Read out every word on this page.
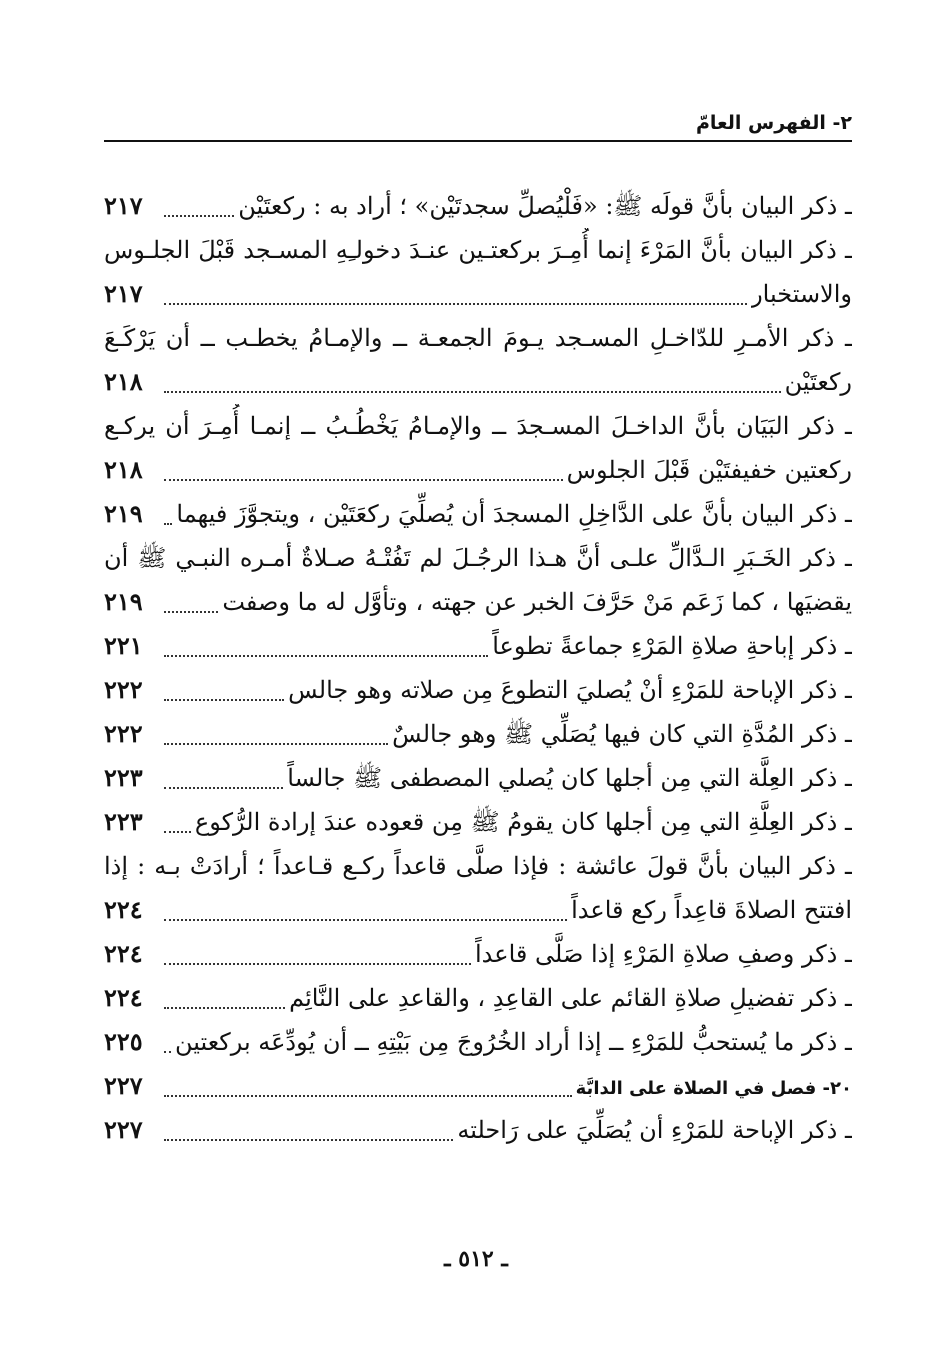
٢- الفهرس العامّ
ـ ذكر البيان بأنَّ قولَه ﷺ: «فَلْيُصلِّ سجدتَيْن» ؛ أراد به : ركعتَيْن
٢١٧
ـ ذكر البيان بأنَّ المَرْءَ إنما أُمِـرَ بركعتـين عنـدَ دخولـِهِ المسـجد قَبْلَ الجلـوس
والاستخبار
٢١٧
ـ ذكر الأمـرِ للدّاخـلِ المسـجد يـومَ الجمعـة ــ والإمـامُ يخطـب ــ أن يَرْكَـعَ
ركعتَيْن
٢١٨
ـ ذكر البَيَان بأنَّ الداخـلَ المسـجدَ ــ والإمـامُ يَخْطُـبُ ــ إنمـا أُمِـرَ أن يركـع
ركعتين خفيفتَيْن قَبْلَ الجلوس
٢١٨
ـ ذكر البيان بأنَّ على الدَّاخِلِ المسجدَ أن يُصلِّيَ ركعَتَيْن ، ويتجوَّزَ فيهما
٢١٩
ـ ذكر الخَـبَرِ الـدَّالِّ علـى أنَّ هـذا الرجُـلَ لم تَفُتْـهُ صـلاةٌ أمـره النبـي ﷺ أن
يقضيَها ، كما زَعَم مَنْ حَرَّفَ الخبر عن جهته ، وتأوَّل له ما وصفت
٢١٩
ـ ذكر إباحةِ صلاةِ المَرْءِ جماعةً تطوعاً
٢٢١
ـ ذكر الإباحة للمَرْءِ أنْ يُصليَ التطوعَ مِن صلاته وهو جالس
٢٢٢
ـ ذكر المُدَّةِ التي كان فيها يُصَلِّي ﷺ وهو جالسٌ
٢٢٢
ـ ذكر العِلَّة التي مِن أجلها كان يُصلي المصطفى ﷺ جالساً
٢٢٣
ـ ذكر العِلَّةِ التي مِن أجلها كان يقومُ ﷺ مِن قعوده عندَ إرادة الرُّكوع
٢٢٣
ـ ذكر البيان بأنَّ قولَ عائشة : فإذا صلَّى قاعداً ركـع قـاعداً ؛ أرادَتْ بـه : إذا
افتتح الصلاةَ قاعِداً ركع قاعداً
٢٢٤
ـ ذكر وصفِ صلاةِ المَرْءِ إذا صَلَّى قاعداً
٢٢٤
ـ ذكر تفضيلِ صلاةِ القائم على القاعِدِ ، والقاعدِ على النَّائِم
٢٢٤
ـ ذكر ما يُستحبُّ للمَرْءِ ــ إذا أراد الخُرُوجَ مِن بَيْتِهِ ــ أن يُودِّعَه بركعتين
٢٢٥
٢٠- فصل في الصلاة على الدابَّة
٢٢٧
ـ ذكر الإباحة للمَرْءِ أن يُصَلِّيَ على رَاحلته
٢٢٧
ـ ٥١٢ ـ
